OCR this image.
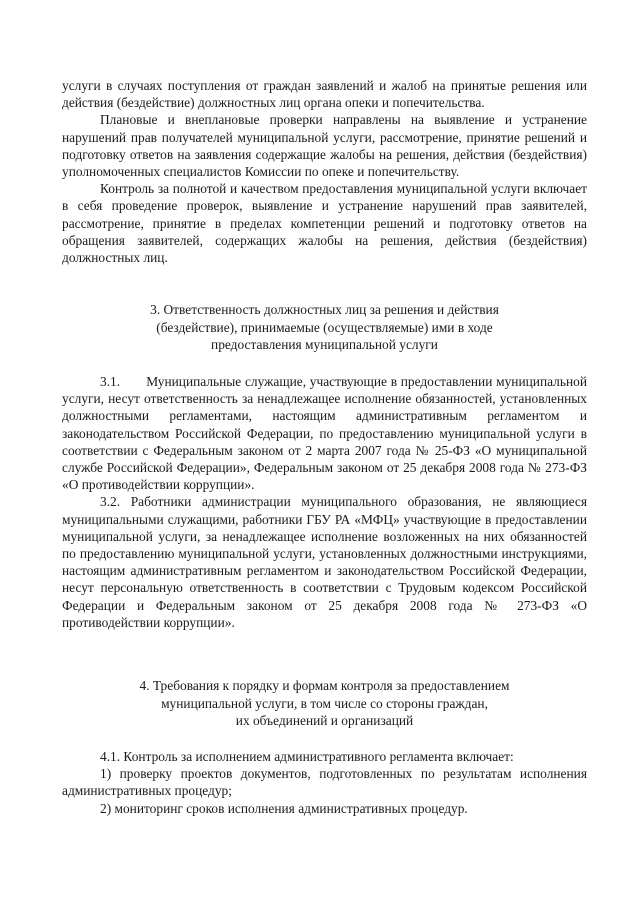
услуги в случаях поступления от граждан заявлений и жалоб на принятые решения или действия (бездействие) должностных лиц органа опеки и попечительства.

Плановые и внеплановые проверки направлены на выявление и устранение нарушений прав получателей муниципальной услуги, рассмотрение, принятие решений и подготовку ответов на заявления содержащие жалобы на решения, действия (бездействия) уполномоченных специалистов Комиссии по опеке и попечительству.

Контроль за полнотой и качеством предоставления муниципальной услуги включает в себя проведение проверок, выявление и устранение нарушений прав заявителей, рассмотрение, принятие в пределах компетенции решений и подготовку ответов на обращения заявителей, содержащих жалобы на решения, действия (бездействия) должностных лиц.

3. Ответственность должностных лиц за решения и действия
(бездействие), принимаемые (осуществляемые) ими в ходе
предоставления муниципальной услуги

3.1.       Муниципальные служащие, участвующие в предоставлении муниципальной услуги, несут ответственность за ненадлежащее исполнение обязанностей, установленных должностными регламентами, настоящим административным регламентом и законодательством Российской Федерации, по предоставлению муниципальной услуги в соответствии с Федеральным законом от 2 марта 2007 года № 25-ФЗ «О муниципальной службе Российской Федерации», Федеральным законом от 25 декабря 2008 года № 273-ФЗ «О противодействии коррупции».

3.2. Работники администрации муниципального образования, не являющиеся муниципальными служащими, работники ГБУ РА «МФЦ» участвующие в предоставлении муниципальной услуги, за ненадлежащее исполнение возложенных на них обязанностей по предоставлению муниципальной услуги, установленных должностными инструкциями, настоящим административным регламентом и законодательством Российской Федерации, несут персональную ответственность в соответствии с Трудовым кодексом Российской Федерации и Федеральным законом от 25 декабря 2008 года № 273-ФЗ «О противодействии коррупции».

4. Требования к порядку и формам контроля за предоставлением
муниципальной услуги, в том числе со стороны граждан,
их объединений и организаций

4.1. Контроль за исполнением административного регламента включает:

1) проверку проектов документов, подготовленных по результатам исполнения административных процедур;

2) мониторинг сроков исполнения административных процедур.
